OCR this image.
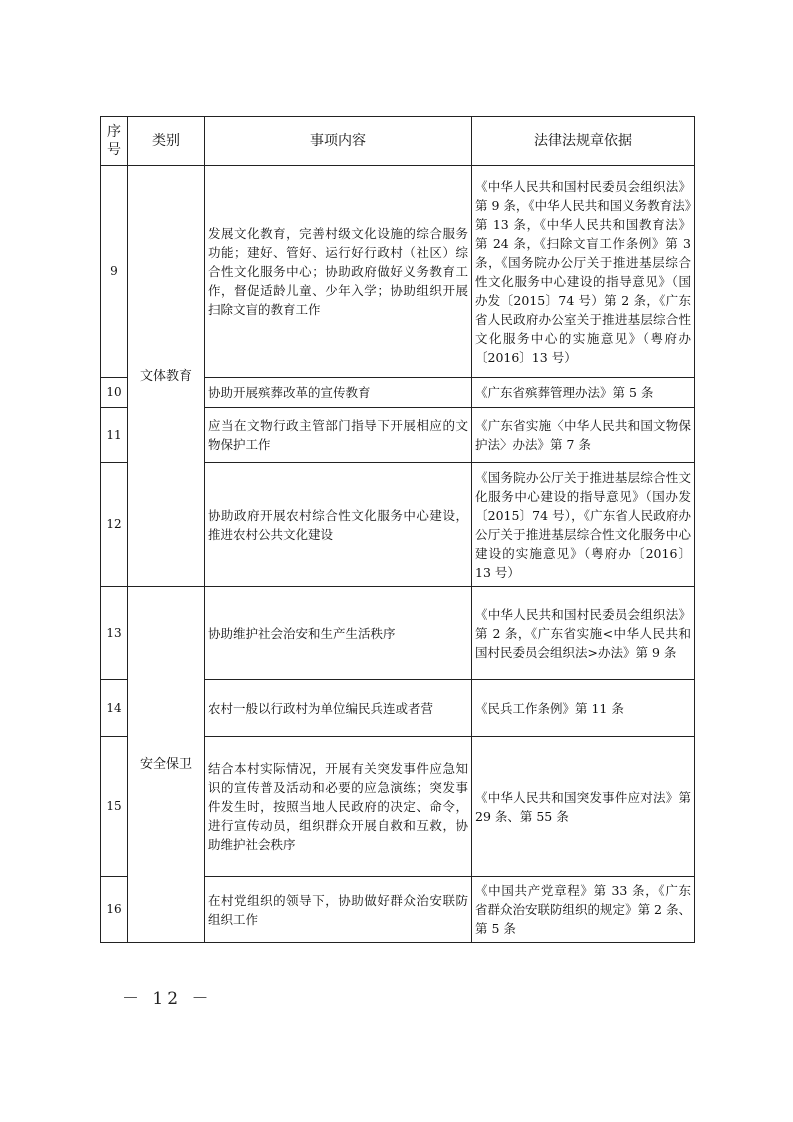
序号	类别	事项内容	法律法规章依据
9	文体教育	发展文化教育，完善村级文化设施的综合服务功能；建好、管好、运行好行政村（社区）综合性文化服务中心；协助政府做好义务教育工作，督促适龄儿童、少年入学；协助组织开展扫除文盲的教育工作	《中华人民共和国村民委员会组织法》第 9 条，《中华人民共和国义务教育法》第 13 条，《中华人民共和国教育法》第 24 条，《扫除文盲工作条例》第 3 条，《国务院办公厅关于推进基层综合性文化服务中心建设的指导意见》（国办发〔2015〕74 号）第 2 条，《广东省人民政府办公室关于推进基层综合性文化服务中心的实施意见》（粤府办〔2016〕13 号）
10		协助开展殡葬改革的宣传教育	《广东省殡葬管理办法》第 5 条
11		应当在文物行政主管部门指导下开展相应的文物保护工作	《广东省实施〈中华人民共和国文物保护法〉办法》第 7 条
12		协助政府开展农村综合性文化服务中心建设，推进农村公共文化建设	《国务院办公厅关于推进基层综合性文化服务中心建设的指导意见》（国办发〔2015〕74 号），《广东省人民政府办公厅关于推进基层综合性文化服务中心建设的实施意见》（粤府办〔2016〕13 号）
13	安全保卫	协助维护社会治安和生产生活秩序	《中华人民共和国村民委员会组织法》第 2 条，《广东省实施<中华人民共和国村民委员会组织法>办法》第 9 条
14		农村一般以行政村为单位编民兵连或者营	《民兵工作条例》第 11 条
15		结合本村实际情况，开展有关突发事件应急知识的宣传普及活动和必要的应急演练；突发事件发生时，按照当地人民政府的决定、命令，进行宣传动员，组织群众开展自救和互救，协助维护社会秩序	《中华人民共和国突发事件应对法》第 29 条、第 55 条
16		在村党组织的领导下，协助做好群众治安联防组织工作	《中国共产党章程》第 33 条，《广东省群众治安联防组织的规定》第 2 条、第 5 条
－ 12 －
